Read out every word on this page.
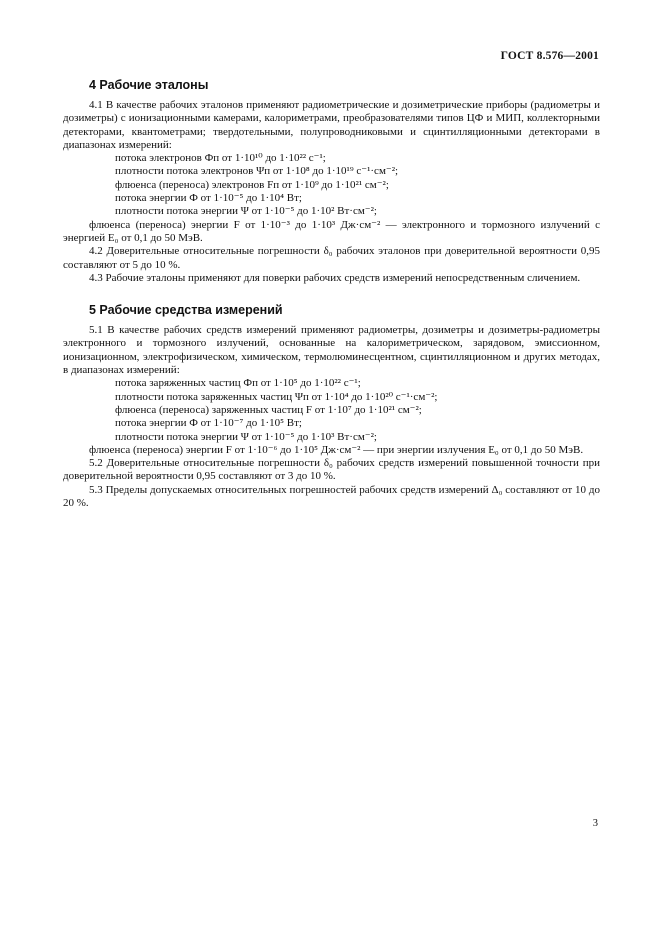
ГОСТ 8.576—2001
4 Рабочие эталоны

4.1 В качестве рабочих эталонов применяют радиометрические и дозиметрические приборы (радиометры и дозиметры) с ионизационными камерами, калориметрами, преобразователями типов ЦФ и МИП, коллекторными детекторами, квантометрами; твердотельными, полупроводниковыми и сцинтилляционными детекторами в диапазонах измерений:

потока электронов Фп от 1·10¹⁰ до 1·10²² с⁻¹;

плотности потока электронов Ψп от 1·10⁸ до 1·10¹⁹ с⁻¹·см⁻²;

флюенса (переноса) электронов Fп от 1·10⁹ до 1·10²¹ см⁻²;

потока энергии Ф от 1·10⁻⁵ до 1·10⁴ Вт;

плотности потока энергии Ψ от 1·10⁻⁵ до 1·10² Вт·см⁻²;

флюенса (переноса) энергии F от 1·10⁻³ до 1·10³ Дж·см⁻² — электронного и тормозного излучений с энергией E₀ от 0,1 до 50 МэВ.

4.2 Доверительные относительные погрешности δ₀ рабочих эталонов при доверительной вероятности 0,95 составляют от 5 до 10 %.

4.3 Рабочие эталоны применяют для поверки рабочих средств измерений непосредственным сличением.

5 Рабочие средства измерений

5.1 В качестве рабочих средств измерений применяют радиометры, дозиметры и дозиметры-радиометры электронного и тормозного излучений, основанные на калориметрическом, зарядовом, эмиссионном, ионизационном, электрофизическом, химическом, термолюминесцентном, сцинтилляционном и других методах, в диапазонах измерений:

потока заряженных частиц Фп от 1·10⁵ до 1·10²² с⁻¹;

плотности потока заряженных частиц Ψп от 1·10⁴ до 1·10²⁰ с⁻¹·см⁻²;

флюенса (переноса) заряженных частиц F от 1·10⁷ до 1·10²¹ см⁻²;

потока энергии Ф от 1·10⁻⁷ до 1·10⁵ Вт;

плотности потока энергии Ψ от 1·10⁻⁵ до 1·10³ Вт·см⁻²;

флюенса (переноса) энергии F от 1·10⁻⁶ до 1·10⁵ Дж·см⁻² — при энергии излучения E₀ от 0,1 до 50 МэВ.

5.2 Доверительные относительные погрешности δ₀ рабочих средств измерений повышенной точности при доверительной вероятности 0,95 составляют от 3 до 10 %.

5.3 Пределы допускаемых относительных погрешностей рабочих средств измерений Δ₀ составляют от 10 до 20 %.

3
